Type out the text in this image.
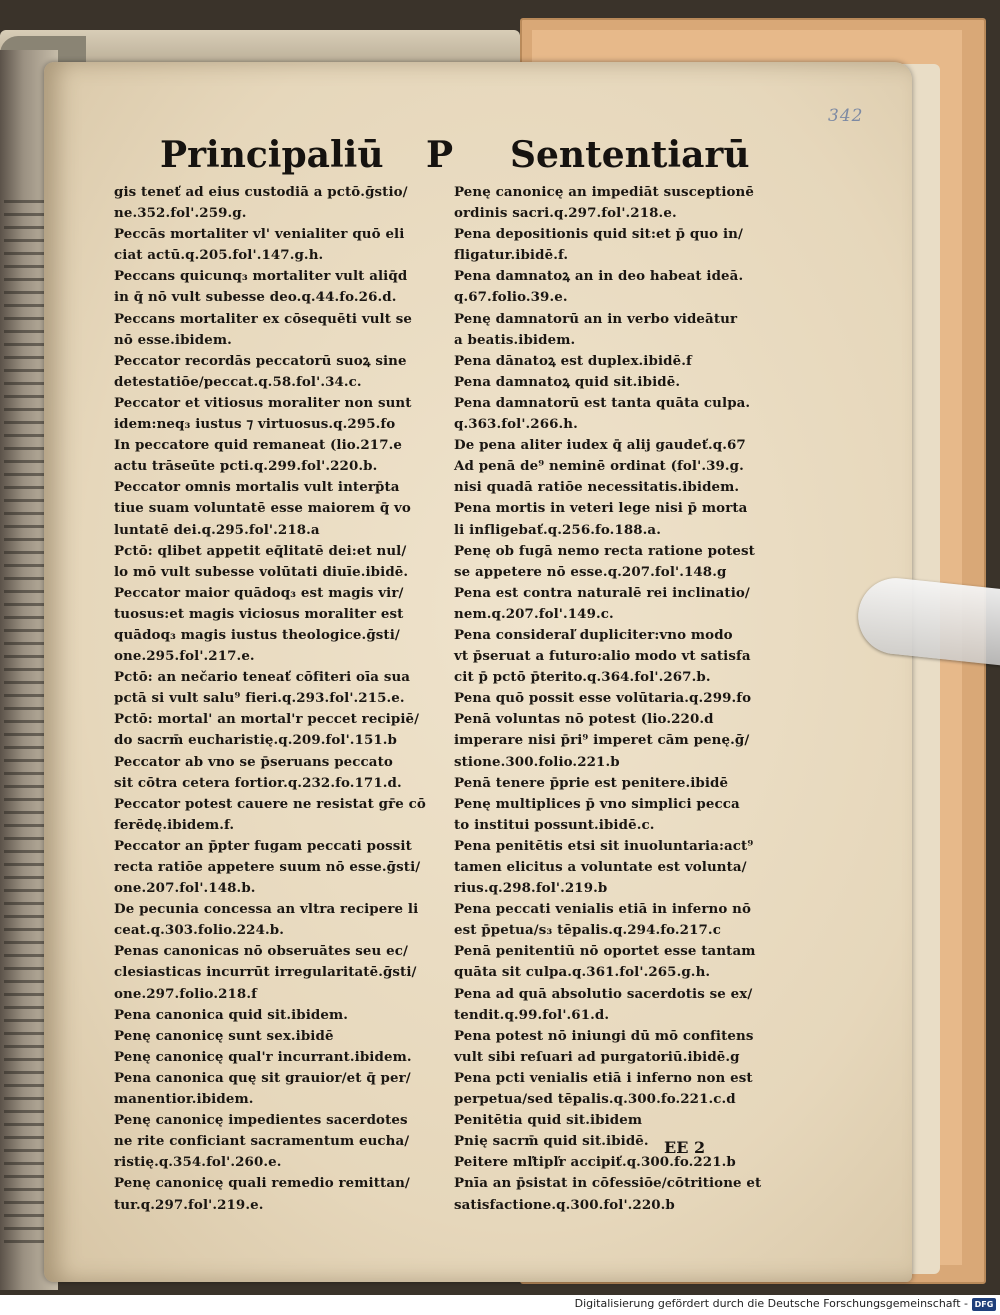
342
Principaliū P Sententiarū
gis teneť ad eius custodiā a pctō.ḡstio/
ne.352.fol'.259.g.
Peccās mortaliter vl' venialiter quō eli
ciat actū.q.205.fol'.147.g.h.
Peccans quicunq₃ mortaliter vult aliq̄d
in q̄ nō vult subesse deo.q.44.fo.26.d.
Peccans mortaliter ex cōsequēti vult se
nō esse.ibidem.
Peccator recordās peccatorū suoꝝ sine
detestatiōe/peccat.q.58.fol'.34.c.
Peccator et vitiosus moraliter non sunt
idem:neq₃ iustus ⁊ virtuosus.q.295.fo
In peccatore quid remaneat (lio.217.e
actu trāseūte pcti.q.299.fol'.220.b.
Peccator omnis mortalis vult interp̄ta
tiue suam voluntatē esse maiorem q̄ vo
luntatē dei.q.295.fol'.218.a
Pctō: qlibet appetit eq̄litatē dei:et nul/
lo mō vult subesse volūtati diuīe.ibidē.
Peccator maior quādoq₃ est magis vir/
tuosus:et magis viciosus moraliter est
quādoq₃ magis iustus theologice.ḡsti/
one.295.fol'.217.e.
Pctō: an nečario teneať cōfiteri oīa sua
pctā si vult salu⁹ fieri.q.293.fol'.215.e.
Pctō: mortal' an mortal'r peccet recipiē/
do sacrm̄ eucharistię.q.209.fol'.151.b
Peccator ab vno se p̄seruans peccato
sit cōtra cetera fortior.q.232.fo.171.d.
Peccator potest cauere ne resistat gr̄e cō
ferēdę.ibidem.f.
Peccator an p̄pter fugam peccati possit
recta ratiōe appetere suum nō esse.ḡsti/
one.207.fol'.148.b.
De pecunia concessa an vltra recipere li
ceat.q.303.folio.224.b.
Penas canonicas nō obseruātes seu ec/
clesiasticas incurrūt irregularitatē.ḡsti/
one.297.folio.218.f
Pena canonica quid sit.ibidem.
Penę canonicę sunt sex.ibidē
Penę canonicę qual'r incurrant.ibidem.
Pena canonica quę sit grauior/et q̄ per/
manentior.ibidem.
Penę canonicę impedientes sacerdotes
ne rite conficiant sacramentum eucha/
ristię.q.354.fol'.260.e.
Penę canonicę quali remedio remittan/
tur.q.297.fol'.219.e.
Penę canonicę an impediāt susceptionē
ordinis sacri.q.297.fol'.218.e.
Pena depositionis quid sit:et p̄ quo in/
fligatur.ibidē.f.
Pena damnatoꝝ an in deo habeat ideā.
q.67.folio.39.e.
Penę damnatorū an in verbo videātur
a beatis.ibidem.
Pena dānatoꝝ est duplex.ibidē.f
Pena damnatoꝝ quid sit.ibidē.
Pena damnatorū est tanta quāta culpa.
q.363.fol'.266.h.
De pena aliter iudex q̄ alij gaudeť.q.67
Ad penā de⁹ neminē ordinat (fol'.39.g.
nisi quadā ratiōe necessitatis.ibidem.
Pena mortis in veteri lege nisi p̄ morta
li infligebať.q.256.fo.188.a.
Penę ob fugā nemo recta ratione potest
se appetere nō esse.q.207.fol'.148.g
Pena est contra naturalē rei inclinatio/
nem.q.207.fol'.149.c.
Pena consideraľ dupliciter:vno modo
vt p̄seruat a futuro:alio modo vt satisfa
cit p̄ pctō p̄terito.q.364.fol'.267.b.
Pena quō possit esse volūtaria.q.299.fo
Penā voluntas nō potest (lio.220.d
imperare nisi p̄ri⁹ imperet cām penę.ḡ/
stione.300.folio.221.b
Penā tenere p̄prie est penitere.ibidē
Penę multiplices p̄ vno simplici pecca
to institui possunt.ibidē.c.
Pena penitētis etsi sit inuoluntaria:act⁹
tamen elicitus a voluntate est volunta/
rius.q.298.fol'.219.b
Pena peccati venialis etiā in inferno nō
est p̄petua/s₃ tēpalis.q.294.fo.217.c
Penā penitentiū nō oportet esse tantam
quāta sit culpa.q.361.fol'.265.g.h.
Pena ad quā absolutio sacerdotis se ex/
tendit.q.99.fol'.61.d.
Pena potest nō iniungi dū mō confitens
vult sibi reſuari ad purgatoriū.ibidē.g
Pena pcti venialis etiā i inferno non est
perpetua/sed tēpalis.q.300.fo.221.c.d
Penitētia quid sit.ibidem
Pnię sacrm̄ quid sit.ibidē.
Peitere mľtipľr accipiť.q.300.fo.221.b
Pnīa an p̄sistat in cōfessiōe/cōtritione et
satisfactione.q.300.fol'.220.b
EE 2
Digitalisierung gefördert durch die Deutsche Forschungsgemeinschaft - DFG
